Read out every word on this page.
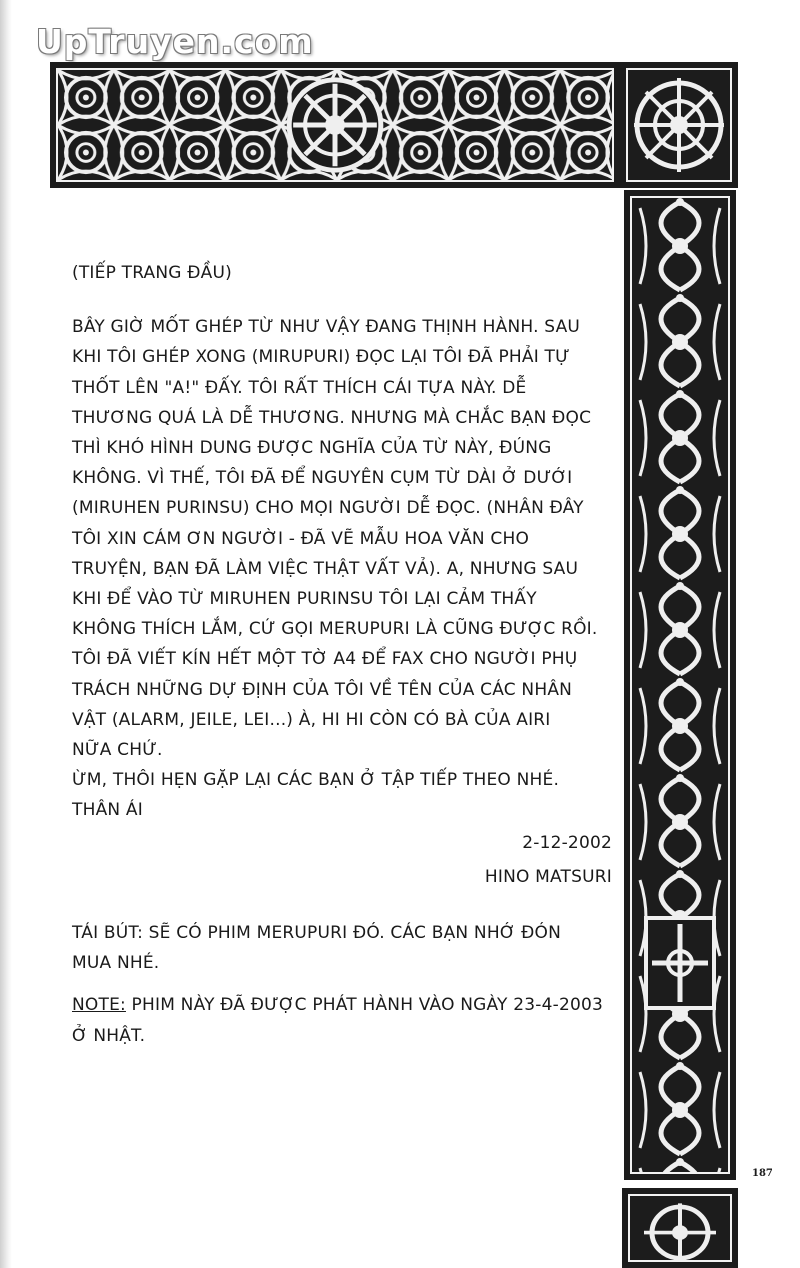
UpTruyen.com
187

(TIẾP TRANG ĐẦU)

BÂY GIỜ MỐT GHÉP TỪ NHƯ VẬY ĐANG THỊNH HÀNH. SAU
KHI TÔI GHÉP XONG (MIRUPURI) ĐỌC LẠI TÔI ĐÃ PHẢI TỰ
THỐT LÊN "A!" ĐẤY. TÔI RẤT THÍCH CÁI TỰA NÀY. DỄ
THƯƠNG QUÁ LÀ DỄ THƯƠNG. NHƯNG MÀ CHẮC BẠN ĐỌC
THÌ KHÓ HÌNH DUNG ĐƯỢC NGHĨA CỦA TỪ NÀY, ĐÚNG
KHÔNG. VÌ THẾ, TÔI ĐÃ ĐỂ NGUYÊN CỤM TỪ DÀI Ở DƯỚI
(MIRUHEN PURINSU) CHO MỌI NGƯỜI DỄ ĐỌC. (NHÂN ĐÂY
TÔI XIN CÁM ƠN NGƯỜI - ĐÃ VẼ MẪU HOA VĂN CHO
TRUYỆN, BẠN ĐÃ LÀM VIỆC THẬT VẤT VẢ). A, NHƯNG SAU
KHI ĐỂ VÀO TỪ MIRUHEN PURINSU TÔI LẠI CẢM THẤY
KHÔNG THÍCH LẮM, CỨ GỌI MERUPURI LÀ CŨNG ĐƯỢC RỒI.
TÔI ĐÃ VIẾT KÍN HẾT MỘT TỜ A4 ĐỂ FAX CHO NGƯỜI PHỤ
TRÁCH NHỮNG DỰ ĐỊNH CỦA TÔI VỀ TÊN CỦA CÁC NHÂN
VẬT (ALARM, JEILE, LEI...) À, HI HI CÒN CÓ BÀ CỦA AIRI
NỮA CHỨ.
ỪM, THÔI HẸN GẶP LẠI CÁC BẠN Ở TẬP TIẾP THEO NHÉ.
THÂN ÁI

2-12-2002

HINO MATSURI

TÁI BÚT: SẼ CÓ PHIM MERUPURI ĐÓ. CÁC BẠN NHỚ ĐÓN
MUA NHÉ.

NOTE: PHIM NÀY ĐÃ ĐƯỢC PHÁT HÀNH VÀO NGÀY 23-4-2003
Ở NHẬT.
